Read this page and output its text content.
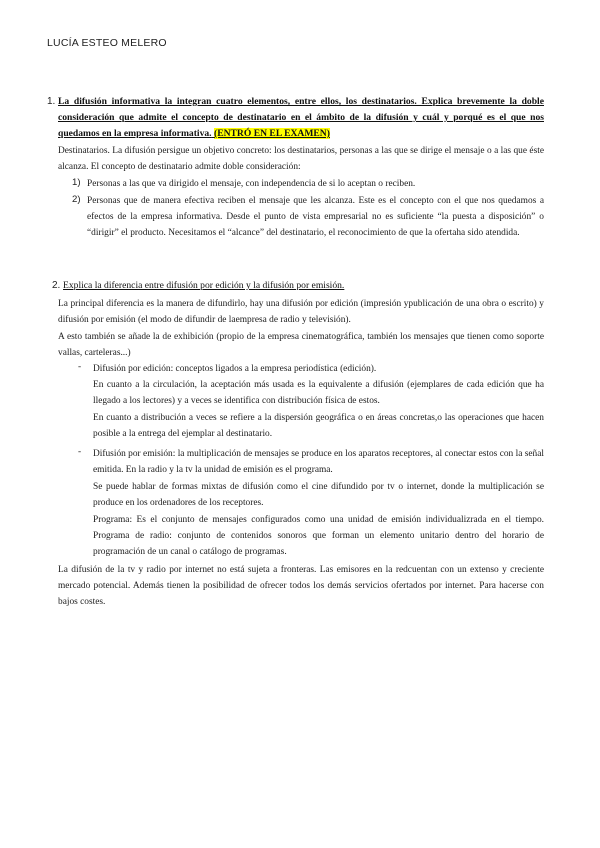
LUCÍA ESTEO MELERO
1. La difusión informativa la integran cuatro elementos, entre ellos, los destinatarios. Explica brevemente la doble consideración que admite el concepto de destinatario en el ámbito de la difusión y cuál y porqué es el que nos quedamos en la empresa informativa. (ENTRÓ EN EL EXAMEN)
Destinatarios. La difusión persigue un objetivo concreto: los destinatarios, personas a las que se dirige el mensaje o a las que éste alcanza. El concepto de destinatario admite doble consideración:
1) Personas a las que va dirigido el mensaje, con independencia de si lo aceptan o reciben.
2) Personas que de manera efectiva reciben el mensaje que les alcanza. Este es el concepto con el que nos quedamos a efectos de la empresa informativa. Desde el punto de vista empresarial no es suficiente “la puesta a disposición” o “dirigir” el producto. Necesitamos el “alcance” del destinatario, el reconocimiento de que la ofertaha sido atendida.
2. Explica la diferencia entre difusión por edición y la difusión por emisión.
La principal diferencia es la manera de difundirlo, hay una difusión por edición (impresión ypublicación de una obra o escrito) y difusión por emisión (el modo de difundir de laempresa de radio y televisión).
A esto también se añade la de exhibición (propio de la empresa cinematográfica, también los mensajes que tienen como soporte vallas, carteleras...)
- Difusión por edición: conceptos ligados a la empresa periodística (edición).
En cuanto a la circulación, la aceptación más usada es la equivalente a difusión (ejemplares de cada edición que ha llegado a los lectores) y a veces se identifica con distribución física de estos.
En cuanto a distribución a veces se refiere a la dispersión geográfica o en áreas concretas,o las operaciones que hacen posible a la entrega del ejemplar al destinatario.
- Difusión por emisión: la multiplicación de mensajes se produce en los aparatos receptores, al conectar estos con la señal emitida. En la radio y la tv la unidad de emisión es el programa.
Se puede hablar de formas mixtas de difusión como el cine difundido por tv o internet, donde la multiplicación se produce en los ordenadores de los receptores.
Programa: Es el conjunto de mensajes configurados como una unidad de emisión individualizrada en el tiempo. Programa de radio: conjunto de contenidos sonoros que forman un elemento unitario dentro del horario de programación de un canal o catálogo de programas.
La difusión de la tv y radio por internet no está sujeta a fronteras. Las emisores en la redcuentan con un extenso y creciente mercado potencial. Además tienen la posibilidad de ofrecer todos los demás servicios ofertados por internet. Para hacerse con bajos costes.
